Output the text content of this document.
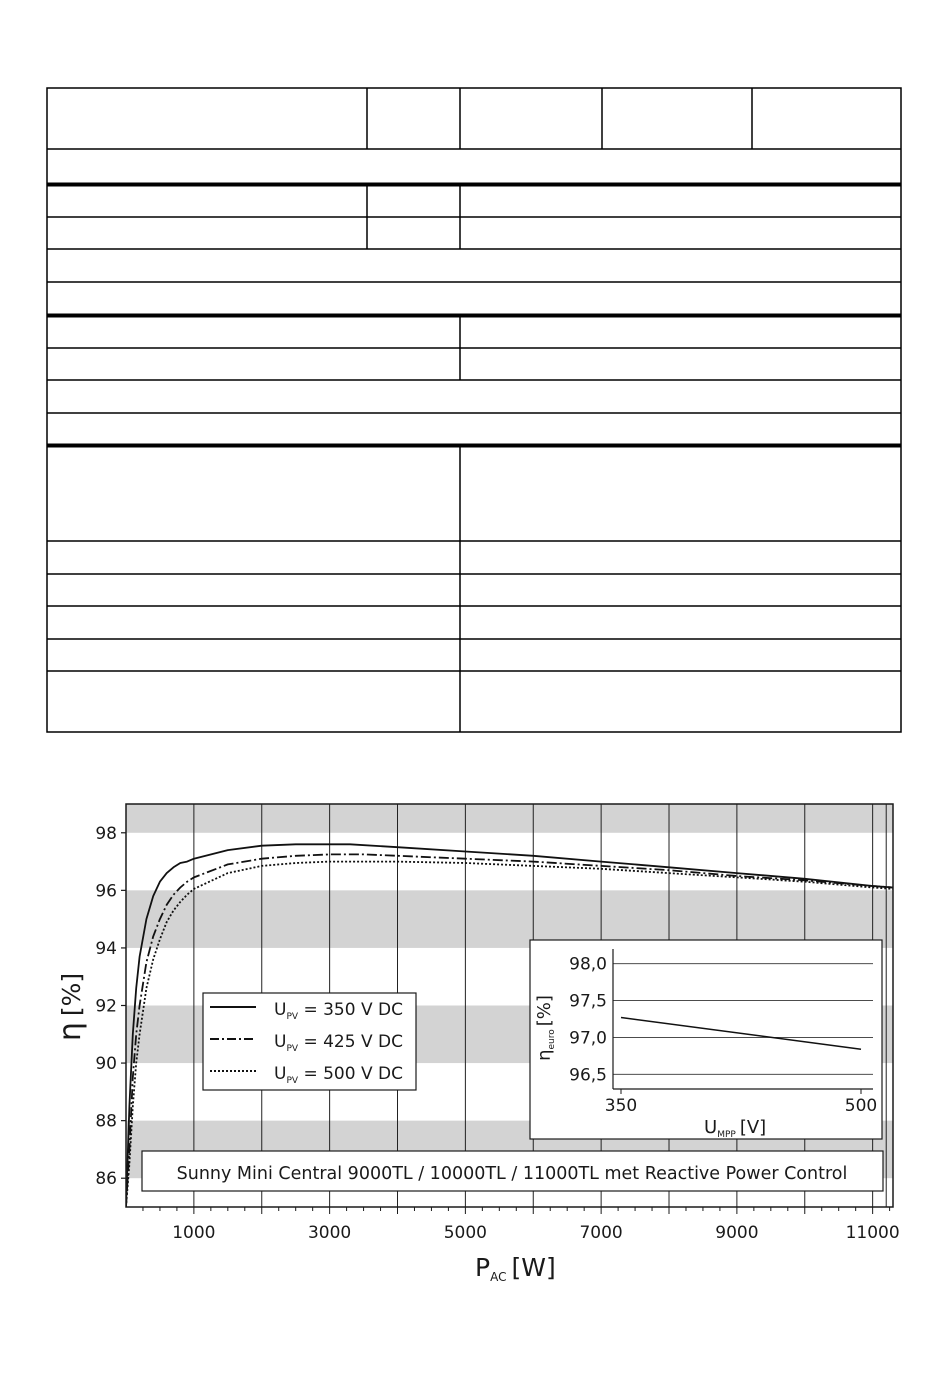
86
88
90
92
94
96
98
1000	3000	5000	7000	9000	11000
η[%]
$P_{AC}$ [W]
$U_{PV} = 350$ V DC
$U_{PV} = 425$ V DC
$U_{PV} = 500$ V DC
98,0
97,5
97,0
96,5
350	500
$\eta_{euro}[\%]$
$U_{MPP}$ [V]
Sunny Mini Central 9000TL / 10000TL / 11000TL met Reactive Power Control
